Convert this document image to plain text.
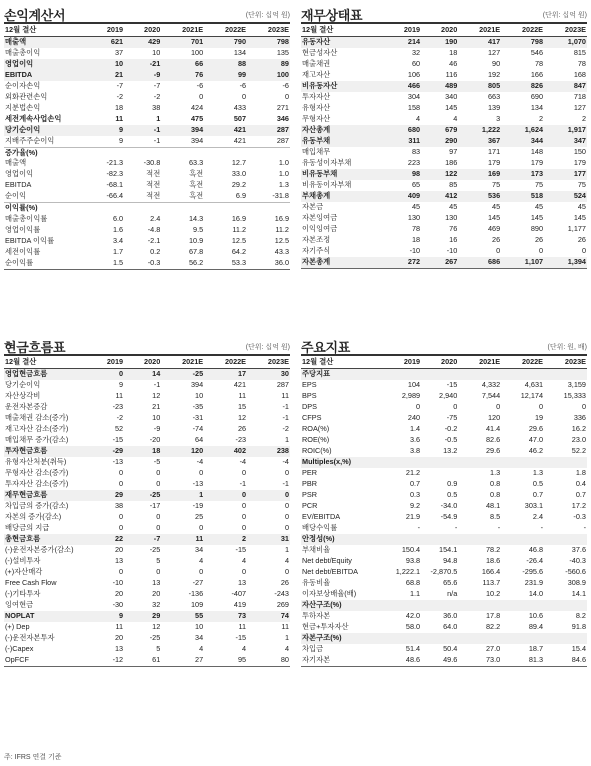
손익계산서	(단위: 십억 원)
12월 결산	2019	2020	2021E	2022E	2023E
매출액	621	429	701	790	798
매출총이익	37	10	100	134	135
영업이익	10	-21	66	88	89
EBITDA	21	-9	76	99	100
순이자손익	-7	-7	-6	-6	-6
외화관련손익	-2	-2	0	0	0
지분법손익	18	38	424	433	271
세전계속사업손익	11	1	475	507	346
당기순이익	9	-1	394	421	287
지배주주순이익	9	-1	394	421	287
증가율(%)					
매출액	-21.3	-30.8	63.3	12.7	1.0
영업이익	-82.3	적전	흑전	33.0	1.0
EBITDA	-68.1	적전	흑전	29.2	1.3
순이익	-66.4	적전	흑전	6.9	-31.8
이익률(%)					
매출총이익률	6.0	2.4	14.3	16.9	16.9
영업이익률	1.6	-4.8	9.5	11.2	11.2
EBITDA 이익률	3.4	-2.1	10.9	12.5	12.5
세전이익률	1.7	0.2	67.8	64.2	43.3
순이익률	1.5	-0.3	56.2	53.3	36.0
재무상태표	(단위: 십억 원)
12월 결산	2019	2020	2021E	2022E	2023E
유동자산	214	190	417	798	1,070
현금성자산	32	18	127	546	815
매출채권	60	46	90	78	78
재고자산	106	116	192	166	168
비유동자산	466	489	805	826	847
투자자산	304	340	663	690	718
유형자산	158	145	139	134	127
무형자산	4	4	3	2	2
자산총계	680	679	1,222	1,624	1,917
유동부채	311	290	367	344	347
매입채무	83	97	171	148	150
유동성이자부채	223	186	179	179	179
비유동부채	98	122	169	173	177
비유동이자부채	65	85	75	75	75
부채총계	409	412	536	518	524
자본금	45	45	45	45	45
자본잉여금	130	130	145	145	145
이익잉여금	78	76	469	890	1,177
자본조정	18	16	26	26	26
자기주식	-10	-10	0	0	0
자본총계	272	267	686	1,107	1,394
현금흐름표	(단위: 십억 원)
12월 결산	2019	2020	2021E	2022E	2023E
영업현금흐름	0	14	-25	17	30
당기순이익	9	-1	394	421	287
자산상각비	11	12	10	11	11
운전자본증감	-23	21	-35	15	-1
매출채권 감소(증가)	-2	10	-31	12	-1
재고자산 감소(증가)	52	-9	-74	26	-2
매입채무 증가(감소)	-15	-20	64	-23	1
투자현금흐름	-29	18	120	402	238
유형자산처분(취득)	-13	-5	-4	-4	-4
무형자산 감소(증가)	0	0	0	0	0
투자자산 감소(증가)	0	0	-13	-1	-1
재무현금흐름	29	-25	1	0	0
차입금의 증가(감소)	38	-17	-19	0	0
자본의 증가(감소)	0	0	25	0	0
배당금의 지급	0	0	0	0	0
총현금흐름	22	-7	11	2	31
(-)운전자본증가(감소)	20	-25	34	-15	1
(-)설비투자	13	5	4	4	4
(+)자산매각	0	0	0	0	0
Free Cash Flow	-10	13	-27	13	26
(-)기타투자	20	20	-136	-407	-243
잉여현금	-30	32	109	419	269
NOPLAT	9	29	55	73	74
(+) Dep	11	12	10	11	11
(-)운전자본투자	20	-25	34	-15	1
(-)Capex	13	5	4	4	4
OpFCF	-12	61	27	95	80
주요지표	(단위: 원, 배)
12월 결산	2019	2020	2021E	2022E	2023E
주당지표					
EPS	104	-15	4,332	4,631	3,159
BPS	2,989	2,940	7,544	12,174	15,333
DPS	0	0	0	0	0
CFPS	240	-75	120	19	336
ROA(%)	1.4	-0.2	41.4	29.6	16.2
ROE(%)	3.6	-0.5	82.6	47.0	23.0
ROIC(%)	3.8	13.2	29.6	46.2	52.2
Multiples(x,%)					
PER	21.2		1.3	1.3	1.8
PBR	0.7	0.9	0.8	0.5	0.4
PSR	0.3	0.5	0.8	0.7	0.7
PCR	9.2	-34.0	48.1	303.1	17.2
EV/EBITDA	21.9	-54.9	8.5	2.4	-0.3
배당수익률	-	-	-	-	-
안정성(%)					
부채비율	150.4	154.1	78.2	46.8	37.6
Net debt/Equity	93.8	94.8	18.6	-26.4	-40.3
Net debt/EBITDA	1,222.1	-2,870.5	166.4	-295.6	-560.6
유동비율	68.8	65.6	113.7	231.9	308.9
이자보상배율(배)	1.1	n/a	10.2	14.0	14.1
자산구조(%)					
투하자본	42.0	36.0	17.8	10.6	8.2
현금+투자자산	58.0	64.0	82.2	89.4	91.8
자본구조(%)					
차입금	51.4	50.4	27.0	18.7	15.4
자기자본	48.6	49.6	73.0	81.3	84.6
주: IFRS 연결 기준
